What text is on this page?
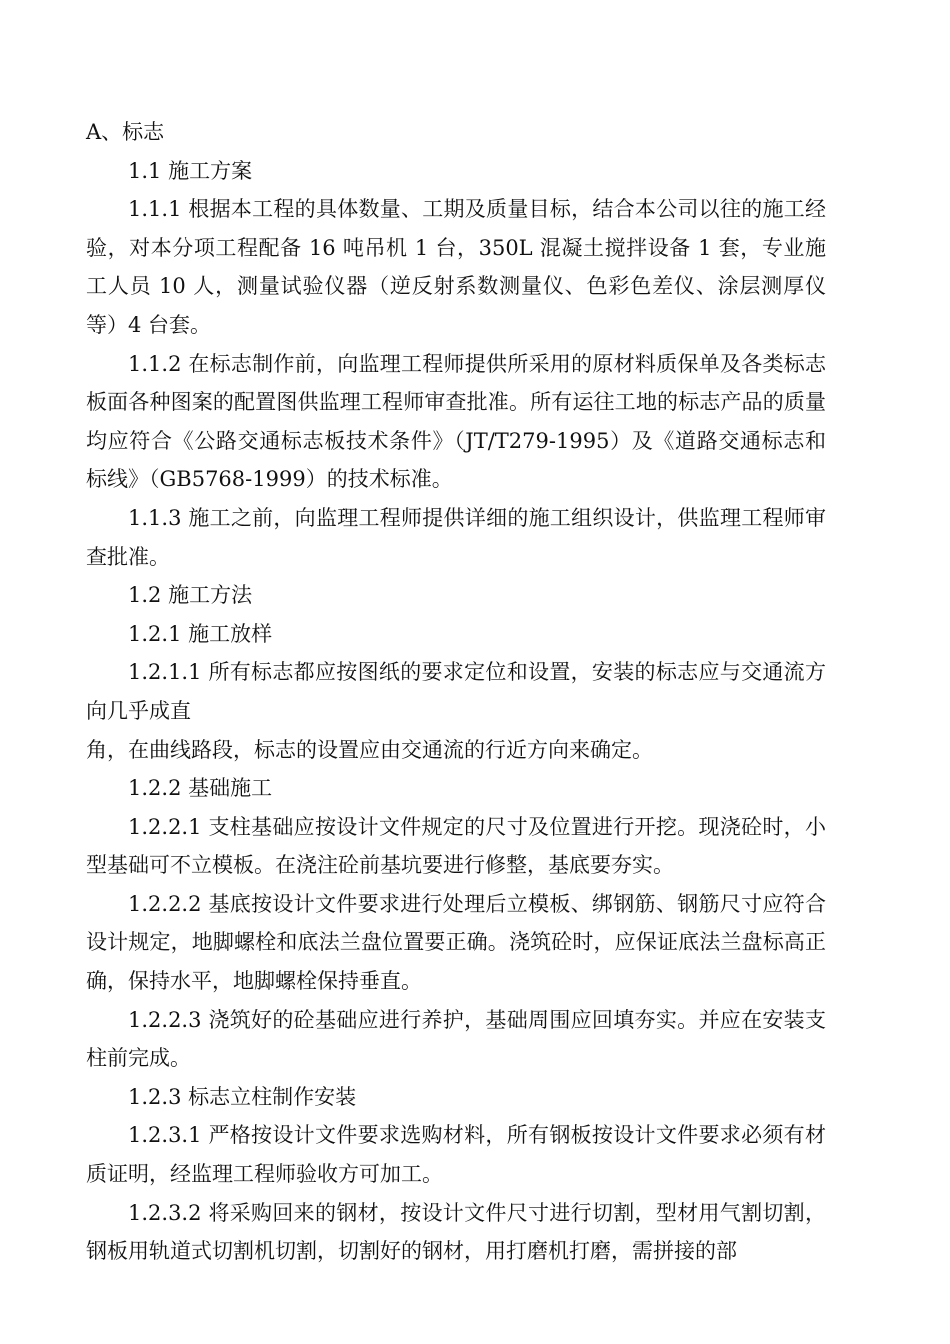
A、标志

1.1 施工方案

1.1.1 根据本工程的具体数量、工期及质量目标，结合本公司以往的施工经验，对本分项工程配备 16 吨吊机 1 台，350L 混凝土搅拌设备 1 套，专业施工人员 10 人，测量试验仪器（逆反射系数测量仪、色彩色差仪、涂层测厚仪等）4 台套。

1.1.2 在标志制作前，向监理工程师提供所采用的原材料质保单及各类标志板面各种图案的配置图供监理工程师审查批准。所有运往工地的标志产品的质量均应符合《公路交通标志板技术条件》（JT/T279-1995）及《道路交通标志和标线》（GB5768-1999）的技术标准。

1.1.3 施工之前，向监理工程师提供详细的施工组织设计，供监理工程师审查批准。

1.2 施工方法

1.2.1 施工放样

1.2.1.1 所有标志都应按图纸的要求定位和设置，安装的标志应与交通流方向几乎成直

角，在曲线路段，标志的设置应由交通流的行近方向来确定。

1.2.2 基础施工

1.2.2.1 支柱基础应按设计文件规定的尺寸及位置进行开挖。现浇砼时，小型基础可不立模板。在浇注砼前基坑要进行修整，基底要夯实。

1.2.2.2 基底按设计文件要求进行处理后立模板、绑钢筋、钢筋尺寸应符合设计规定，地脚螺栓和底法兰盘位置要正确。浇筑砼时，应保证底法兰盘标高正确，保持水平，地脚螺栓保持垂直。

1.2.2.3 浇筑好的砼基础应进行养护，基础周围应回填夯实。并应在安装支柱前完成。

1.2.3 标志立柱制作安装

1.2.3.1 严格按设计文件要求选购材料，所有钢板按设计文件要求必须有材质证明，经监理工程师验收方可加工。

1.2.3.2 将采购回来的钢材，按设计文件尺寸进行切割，型材用气割切割，钢板用轨道式切割机切割，切割好的钢材，用打磨机打磨，需拼接的部
